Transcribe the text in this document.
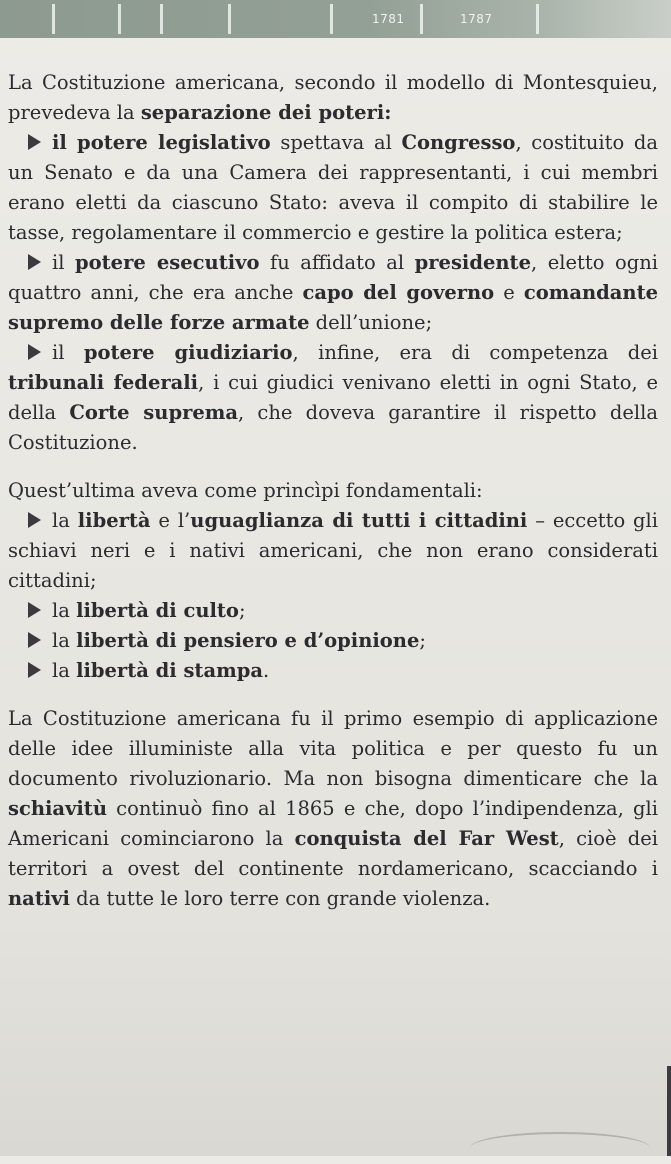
1781	1787

La Costituzione americana, secondo il modello di Montesquieu, prevedeva la separazione dei poteri:

il potere legislativo spettava al Congresso, costituito da un Senato e da una Camera dei rappresentanti, i cui membri erano eletti da ciascuno Stato: aveva il compito di stabilire le tasse, regolamentare il commercio e gestire la politica estera;

il potere esecutivo fu affidato al presidente, eletto ogni quattro anni, che era anche capo del governo e comandante supremo delle forze armate dell’unione;

il potere giudiziario, infine, era di competenza dei tribunali federali, i cui giudici venivano eletti in ogni Stato, e della Corte suprema, che doveva garantire il rispetto della Costituzione.

Quest’ultima aveva come princìpi fondamentali:

la libertà e l’uguaglianza di tutti i cittadini – eccetto gli schiavi neri e i nativi americani, che non erano considerati cittadini;

la libertà di culto;

la libertà di pensiero e d’opinione;

la libertà di stampa.

La Costituzione americana fu il primo esempio di applicazione delle idee illuministe alla vita politica e per questo fu un documento rivoluzionario. Ma non bisogna dimenticare che la schiavitù continuò fino al 1865 e che, dopo l’indipendenza, gli Americani cominciarono la conquista del Far West, cioè dei territori a ovest del continente nordamericano, scacciando i nativi da tutte le loro terre con grande violenza.
